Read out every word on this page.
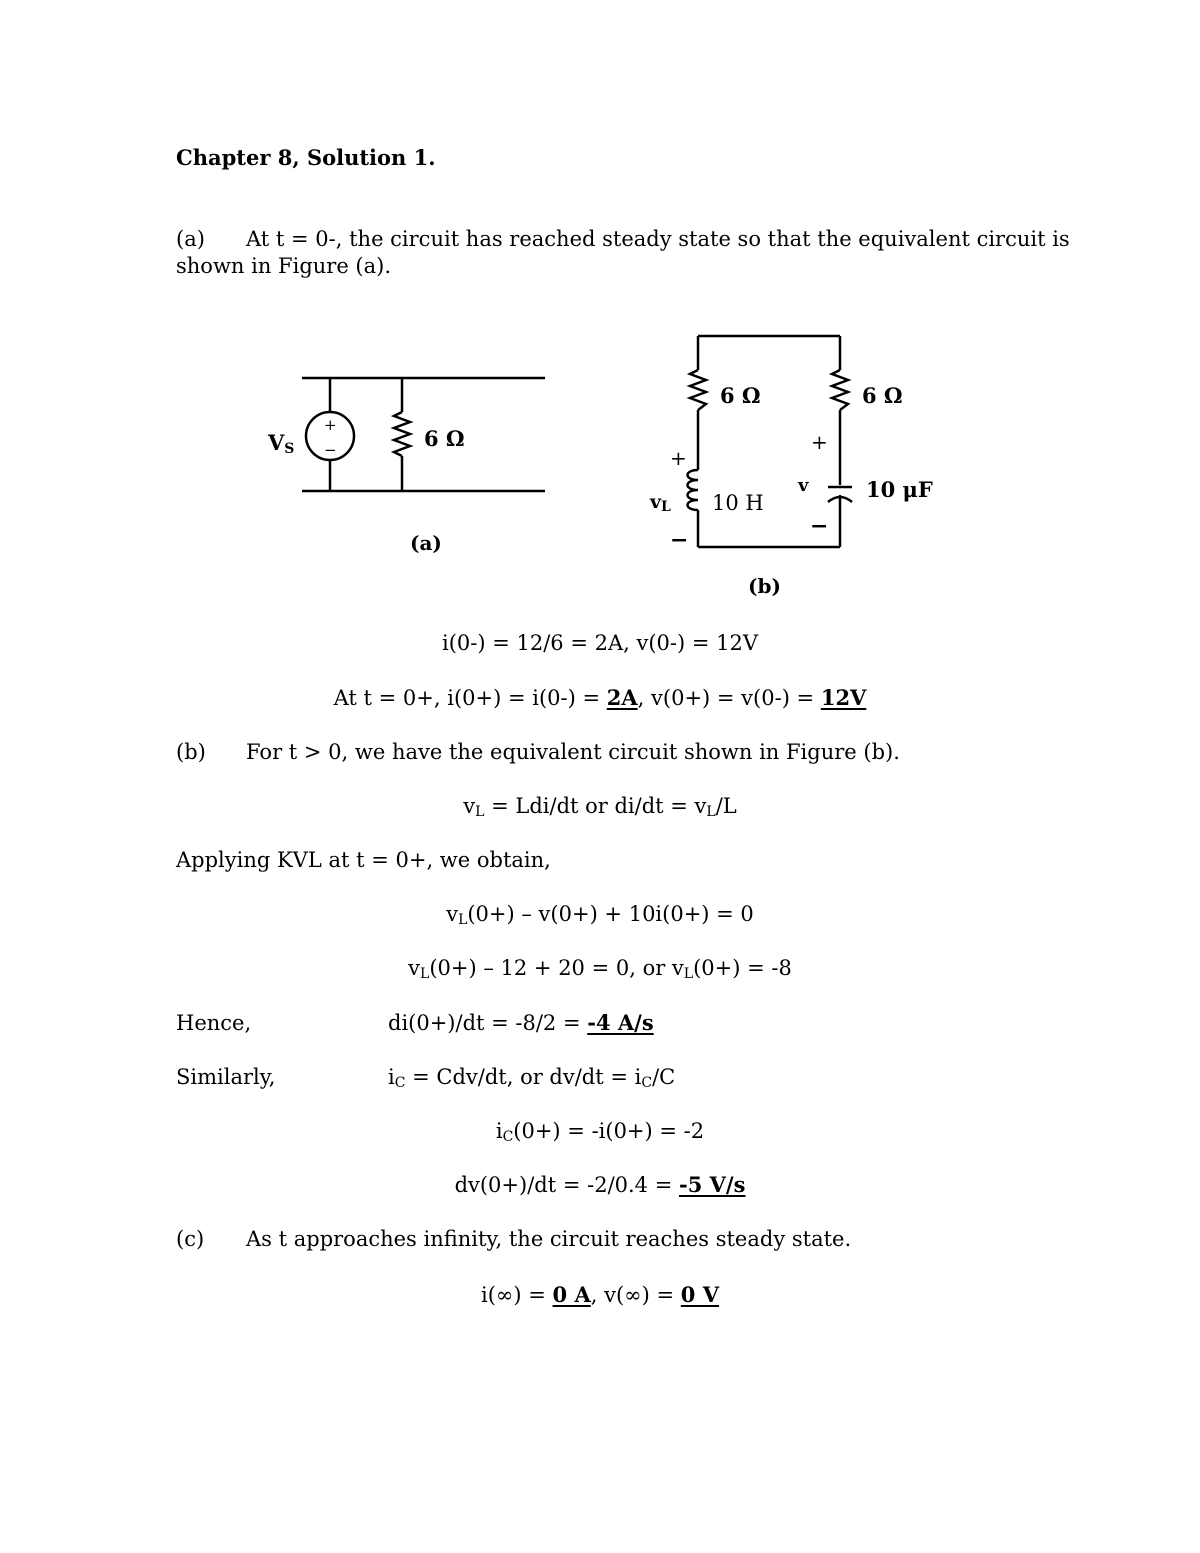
Chapter 8, Solution 1.
(a) At t = 0-, the circuit has reached steady state so that the equivalent circuit is
shown in Figure (a).
+
−
VS	6 Ω
(a)
6 Ω	6 Ω
10 H
10 μF
+
vL
−
+
v
−
(b)
i(0-) = 12/6 = 2A, v(0-) = 12V
At t = 0+, i(0+) = i(0-) = 2A, v(0+) = v(0-) = 12V
(b) For t > 0, we have the equivalent circuit shown in Figure (b).
$v_L = Ldi/dt$ or $di/dt = v_L/L$
Applying KVL at t = 0+, we obtain,
$v_L(0+) - v(0+) + 10i(0+) = 0$
$v_L(0+) - 12 + 20 = 0$, or $v_L(0+) = -8$
Hence,	di(0+)/dt = -8/2 = -4 A/s
Similarly,	$i_C = Cdv/dt$, or $dv/dt = i_C/C$
$i_C(0+) = -i(0+) = -2$
dv(0+)/dt = -2/0.4 = -5 V/s
(c) As t approaches infinity, the circuit reaches steady state.
i(∞) = 0 A, v(∞) = 0 V
